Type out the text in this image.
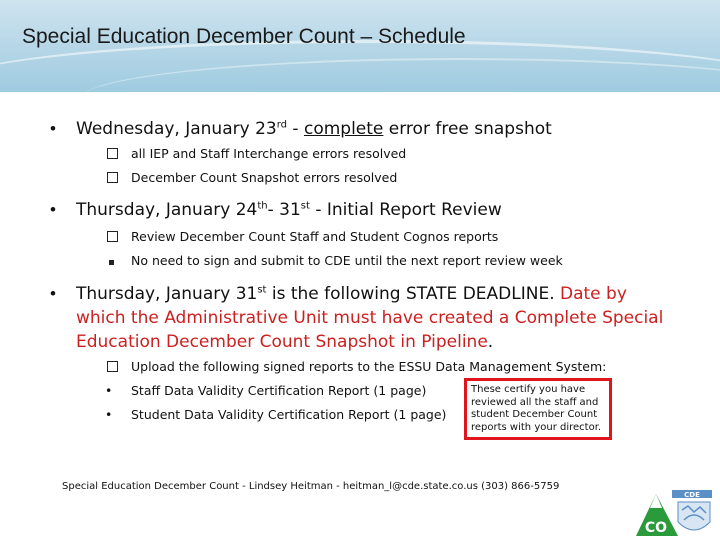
Special Education December Count – Schedule
• Wednesday, January 23rd - complete error free snapshot
all IEP and Staff Interchange errors resolved
December Count Snapshot errors resolved
• Thursday, January 24th- 31st - Initial Report Review
Review December Count Staff and Student Cognos reports
No need to sign and submit to CDE until the next report review week
• Thursday, January 31st is the following STATE DEADLINE. Date by which the Administrative Unit must have created a Complete Special Education December Count Snapshot in Pipeline.
Upload the following signed reports to the ESSU Data Management System:
• Staff Data Validity Certification Report (1 page)
• Student Data Validity Certification Report (1 page)
These certify you have reviewed all the staff and student December Count reports with your director.
Special Education December Count - Lindsey Heitman - heitman_l@cde.state.co.us (303) 866-5759
CDE
CO
